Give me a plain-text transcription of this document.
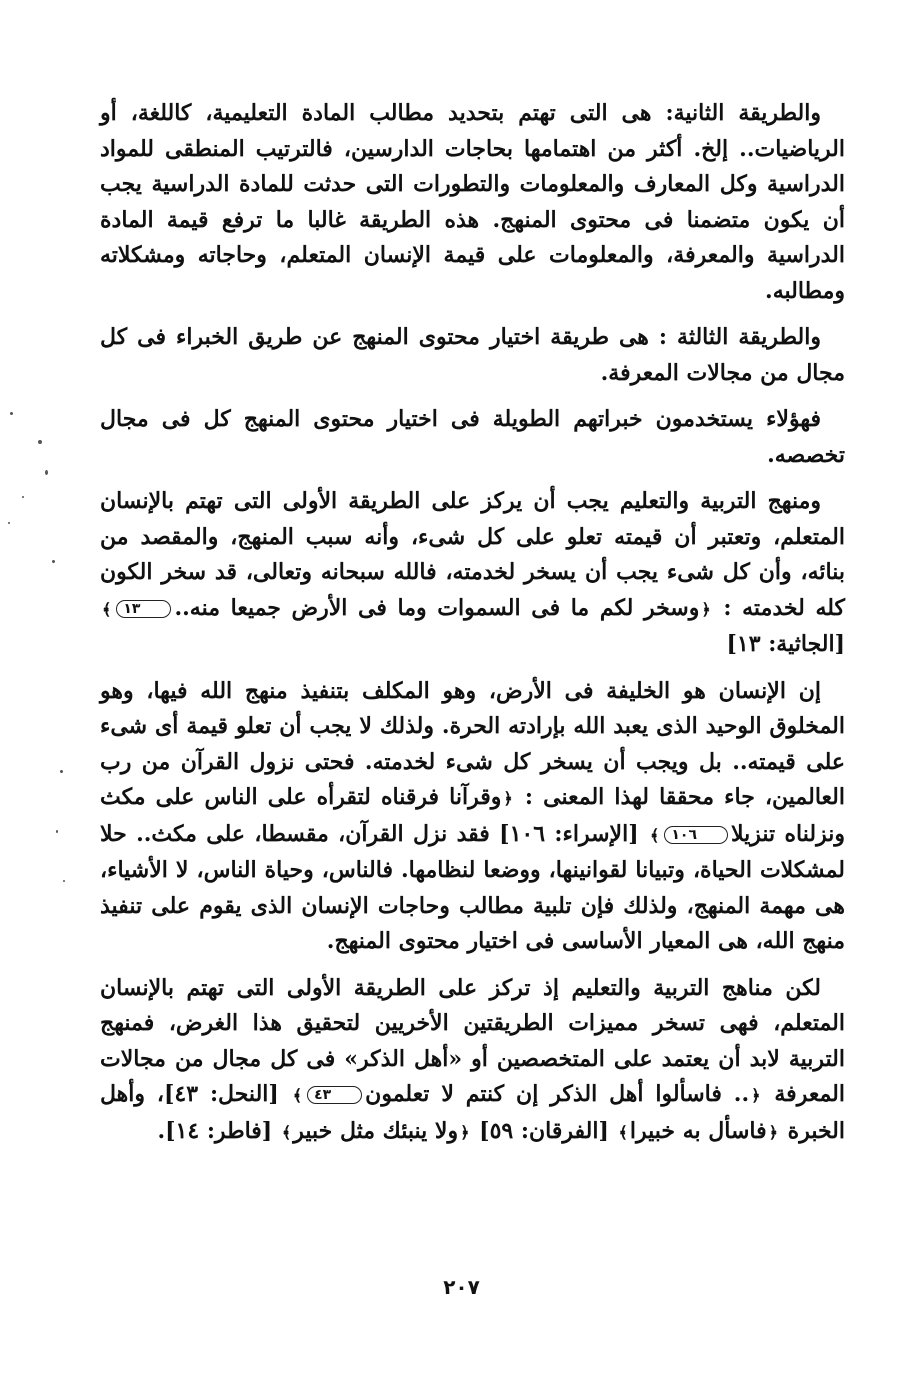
والطريقة الثانية: هى التى تهتم بتحديد مطالب المادة التعليمية، كاللغة، أو الرياضيات.. إلخ. أكثر من اهتمامها بحاجات الدارسين، فالترتيب المنطقى للمواد الدراسية وكل المعارف والمعلومات والتطورات التى حدثت للمادة الدراسية يجب أن يكون متضمنا فى محتوى المنهج. هذه الطريقة غالبا ما ترفع قيمة المادة الدراسية والمعرفة، والمعلومات على قيمة الإنسان المتعلم، وحاجاته ومشكلاته ومطالبه.

والطريقة الثالثة : هى طريقة اختيار محتوى المنهج عن طريق الخبراء فى كل مجال من مجالات المعرفة.

فهؤلاء يستخدمون خبراتهم الطويلة فى اختيار محتوى المنهج كل فى مجال تخصصه.

ومنهج التربية والتعليم يجب أن يركز على الطريقة الأولى التى تهتم بالإنسان المتعلم، وتعتبر أن قيمته تعلو على كل شىء، وأنه سبب المنهج، والمقصد من بنائه، وأن كل شىء يجب أن يسخر لخدمته، فالله سبحانه وتعالى، قد سخر الكون كله لخدمته : ﴿وسخر لكم ما فى السموات وما فى الأرض جميعا منه..١٣﴾ [الجاثية: ١٣]

إن الإنسان هو الخليفة فى الأرض، وهو المكلف بتنفيذ منهج الله فيها، وهو المخلوق الوحيد الذى يعبد الله بإرادته الحرة. ولذلك لا يجب أن تعلو قيمة أى شىء على قيمته.. بل ويجب أن يسخر كل شىء لخدمته. فحتى نزول القرآن من رب العالمين، جاء محققا لهذا المعنى : ﴿وقرآنا فرقناه لتقرأه على الناس على مكث ونزلناه تنزيلا١٠٦﴾ [الإسراء: ١٠٦] فقد نزل القرآن، مقسطا، على مكث.. حلا لمشكلات الحياة، وتبيانا لقوانينها، ووضعا لنظامها. فالناس، وحياة الناس، لا الأشياء، هى مهمة المنهج، ولذلك فإن تلبية مطالب وحاجات الإنسان الذى يقوم على تنفيذ منهج الله، هى المعيار الأساسى فى اختيار محتوى المنهج.

لكن مناهج التربية والتعليم إذ تركز على الطريقة الأولى التى تهتم بالإنسان المتعلم، فهى تسخر مميزات الطريقتين الأخريين لتحقيق هذا الغرض، فمنهج التربية لابد أن يعتمد على المتخصصين أو «أهل الذكر» فى كل مجال من مجالات المعرفة ﴿.. فاسألوا أهل الذكر إن كنتم لا تعلمون٤٣﴾ [النحل: ٤٣]، وأهل الخبرة ﴿فاسأل به خبيرا﴾ [الفرقان: ٥٩] ﴿ولا ينبئك مثل خبير﴾ [فاطر: ١٤].

٢٠٧
